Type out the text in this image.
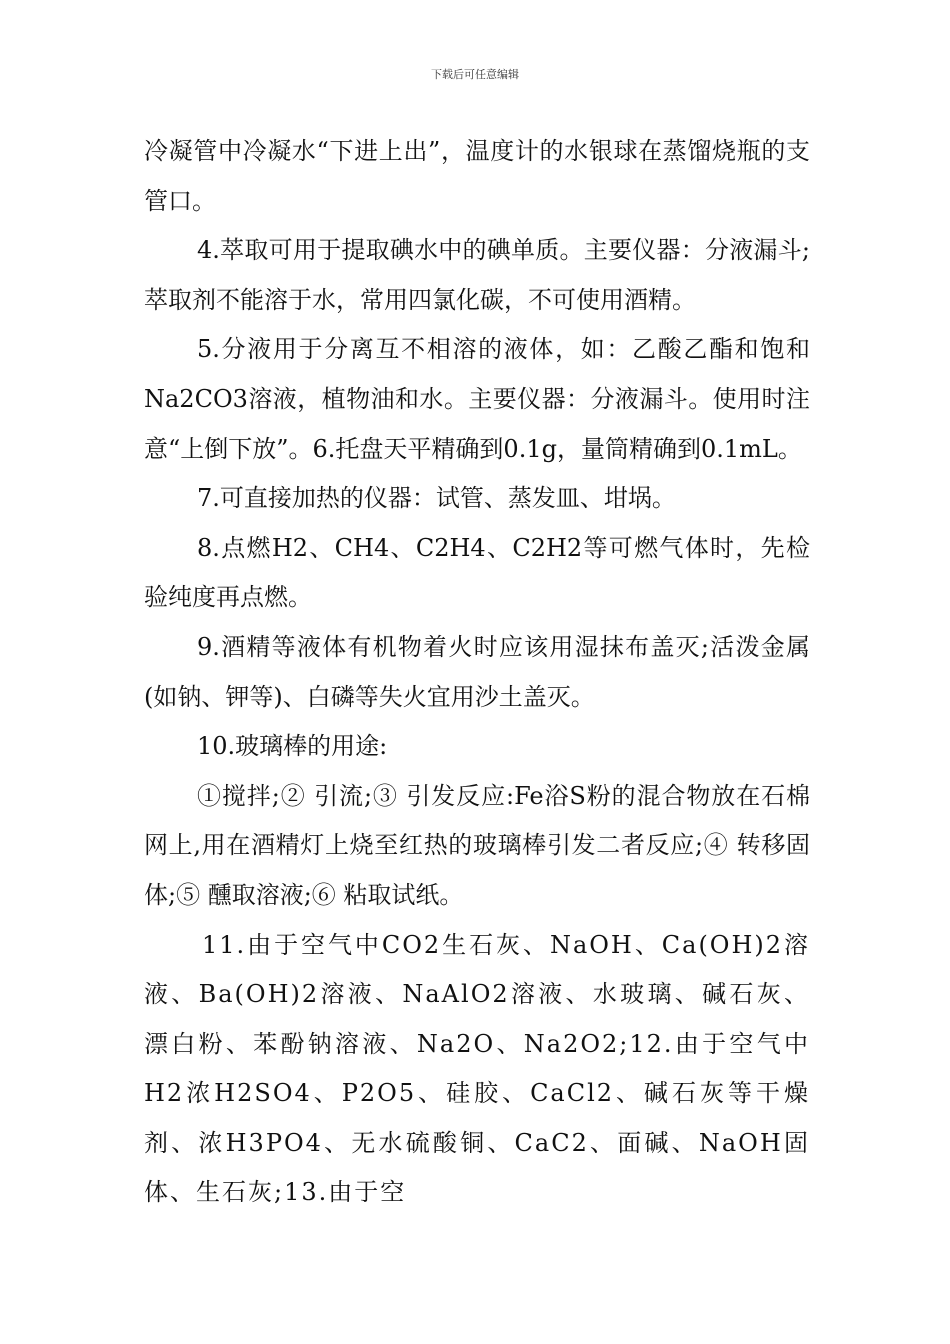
下载后可任意编辑

冷凝管中冷凝水“下进上出”，温度计的水银球在蒸馏烧瓶的支管口。

4.萃取可用于提取碘水中的碘单质。主要仪器：分液漏斗;萃取剂不能溶于水，常用四氯化碳，不可使用酒精。

5.分液用于分离互不相溶的液体，如：乙酸乙酯和饱和Na2CO3溶液，植物油和水。主要仪器：分液漏斗。使用时注意“上倒下放”。6.托盘天平精确到0.1g，量筒精确到0.1mL。

7.可直接加热的仪器：试管、蒸发皿、坩埚。

8.点燃H2、CH4、C2H4、C2H2等可燃气体时，先检验纯度再点燃。

9.酒精等液体有机物着火时应该用湿抹布盖灭;活泼金属(如钠、钾等)、白磷等失火宜用沙土盖灭。

10.玻璃棒的用途:

①搅拌;② 引流;③ 引发反应:Fe浴S粉的混合物放在石棉网上,用在酒精灯上烧至红热的玻璃棒引发二者反应;④ 转移固体;⑤ 醺取溶液;⑥ 粘取试纸。

11.由于空气中CO2生石灰、NaOH、Ca(OH)2溶液、Ba(OH)2溶液、NaAlO2溶液、水玻璃、碱石灰、漂白粉、苯酚钠溶液、Na2O、Na2O2;12.由于空气中H2浓H2SO4、P2O5、硅胶、CaCl2、碱石灰等干燥剂、浓H3PO4、无水硫酸铜、CaC2、面碱、NaOH固体、生石灰;13.由于空
